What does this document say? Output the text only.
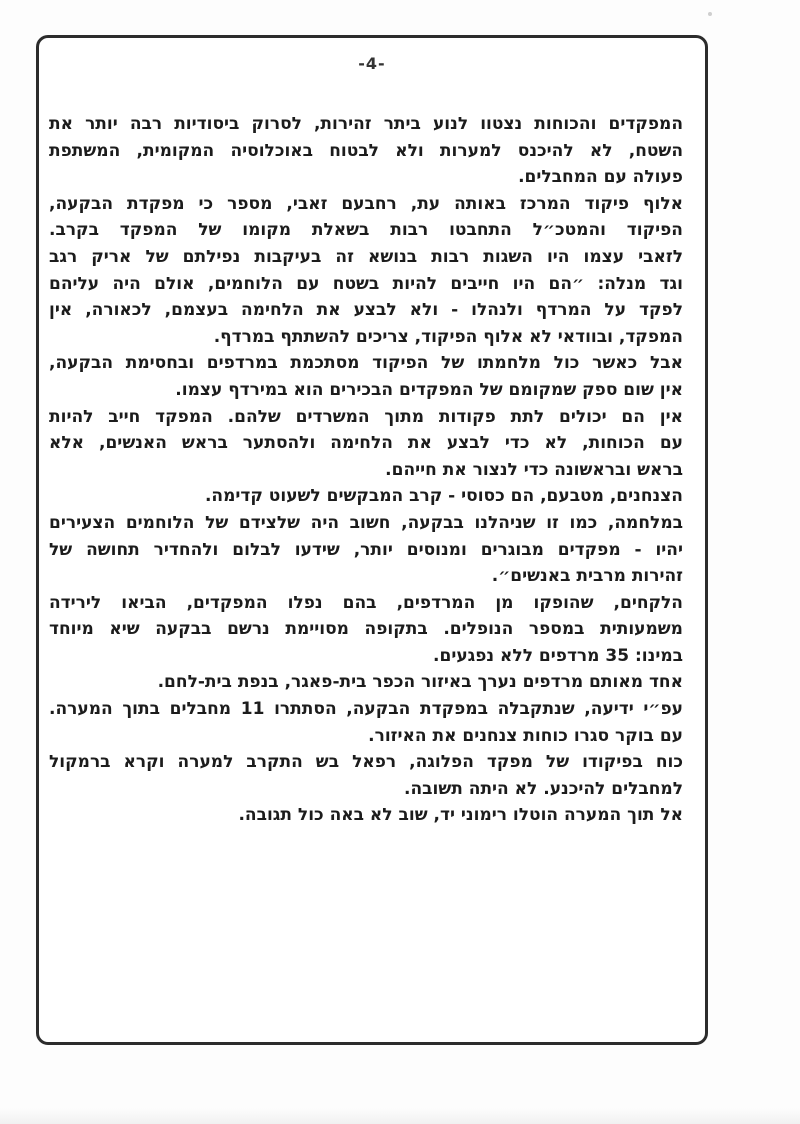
-4-
המפקדים והכוחות נצטוו לנוע ביתר זהירות, לסרוק ביסודיות רבה יותר את
השטח, לא להיכנס למערות ולא לבטוח באוכלוסיה המקומית, המשתפת
פעולה עם המחבלים.
אלוף פיקוד המרכז באותה עת, רחבעם זאבי, מספר כי מפקדת הבקעה,
הפיקוד והמטכ״ל התחבטו רבות בשאלת מקומו של המפקד בקרב.
לזאבי עצמו היו השגות רבות בנושא זה בעיקבות נפילתם של אריק רגב
וגד מנלה: ״הם היו חייבים להיות בשטח עם הלוחמים, אולם היה עליהם
לפקד על המרדף ולנהלו - ולא לבצע את הלחימה בעצמם, לכאורה, אין
המפקד, ובוודאי לא אלוף הפיקוד, צריכים להשתתף במרדף.
אבל כאשר כול מלחמתו של הפיקוד מסתכמת במרדפים ובחסימת הבקעה,
אין שום ספק שמקומם של המפקדים הבכירים הוא במירדף עצמו.
אין הם יכולים לתת פקודות מתוך המשרדים שלהם. המפקד חייב להיות
עם הכוחות, לא כדי לבצע את הלחימה ולהסתער בראש האנשים, אלא
בראש ובראשונה כדי לנצור את חייהם.
הצנחנים, מטבעם, הם כסוסי - קרב המבקשים לשעוט קדימה.
במלחמה, כמו זו שניהלנו בבקעה, חשוב היה שלצידם של הלוחמים הצעירים
יהיו - מפקדים מבוגרים ומנוסים יותר, שידעו לבלום ולהחדיר תחושה של
זהירות מרבית באנשים״.
הלקחים, שהופקו מן המרדפים, בהם נפלו המפקדים, הביאו לירידה
משמעותית במספר הנופלים. בתקופה מסויימת נרשם בבקעה שיא מיוחד
במינו: 35 מרדפים ללא נפגעים.
אחד מאותם מרדפים נערך באיזור הכפר בית-פאגר, בנפת בית-לחם.
עפ״י ידיעה, שנתקבלה במפקדת הבקעה, הסתתרו 11 מחבלים בתוך המערה.
עם בוקר סגרו כוחות צנחנים את האיזור.
כוח בפיקודו של מפקד הפלוגה, רפאל בש התקרב למערה וקרא ברמקול
למחבלים להיכנע. לא היתה תשובה.
אל תוך המערה הוטלו רימוני יד, שוב לא באה כול תגובה.
